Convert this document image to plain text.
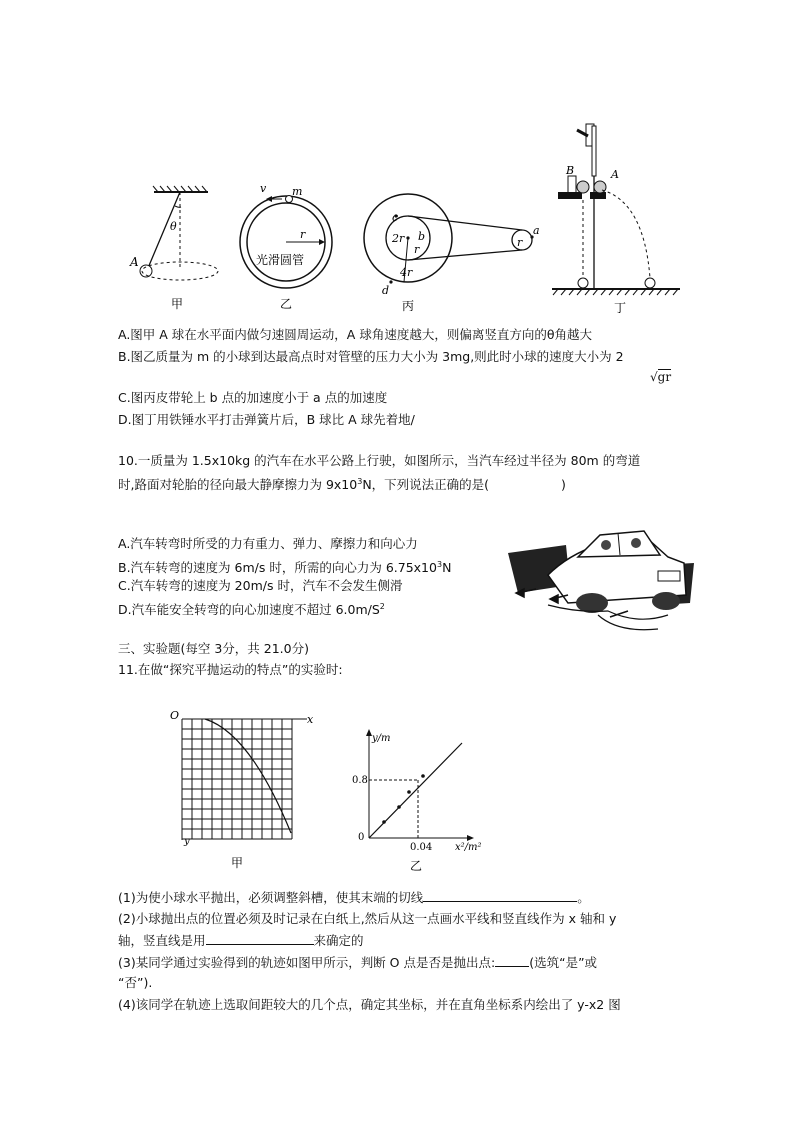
θ
A
甲
v m
r
光滑圆管
乙
c
2r b
r
4r
d
a
r
丙
B	A
丁
A.图甲 A 球在水平面内做匀速圆周运动，A 球角速度越大，则偏离竖直方向的θ角越大
B.图乙质量为 m 的小球到达最高点时对管壁的压力大小为 3mg,则此时小球的速度大小为 2
√gr
C.图丙皮带轮上 b 点的加速度小于 a 点的加速度
D.图丁用铁锤水平打击弹簧片后，B 球比 A 球先着地/
10.一质量为 1.5x10kg 的汽车在水平公路上行驶，如图所示，当汽车经过半径为 80m 的弯道
时,路面对轮胎的径向最大静摩擦力为 $9x10^3N$，下列说法正确的是(	)
A.汽车转弯时所受的力有重力、弹力、摩擦力和向心力
B.汽车转弯的速度为 6m/s 时，所需的向心力为 $6.75x10^3N$
C.汽车转弯的速度为 20m/s 时，汽车不会发生侧滑
D.汽车能安全转弯的向心加速度不超过 $6.0m/S^2$
三、实验题(每空 3分，共 21.0分)
11.在做“探究平抛运动的特点”的实验时:
O	x
y
甲
y/m
x²/m²
0.8
0.04
0
乙
(1)为使小球水平抛出，必须调整斜槽，使其末端的切线	。
(2)小球抛出点的位置必须及时记录在白纸上,然后从这一点画水平线和竖直线作为 x 轴和 y
轴，竖直线是用	来确定的
(3)某同学通过实验得到的轨迹如图甲所示，判断 O 点是否是抛出点:	(选筑“是”或
“否”).
(4)该同学在轨迹上选取间距较大的几个点，确定其坐标，并在直角坐标系内绘出了 y-x2 图
